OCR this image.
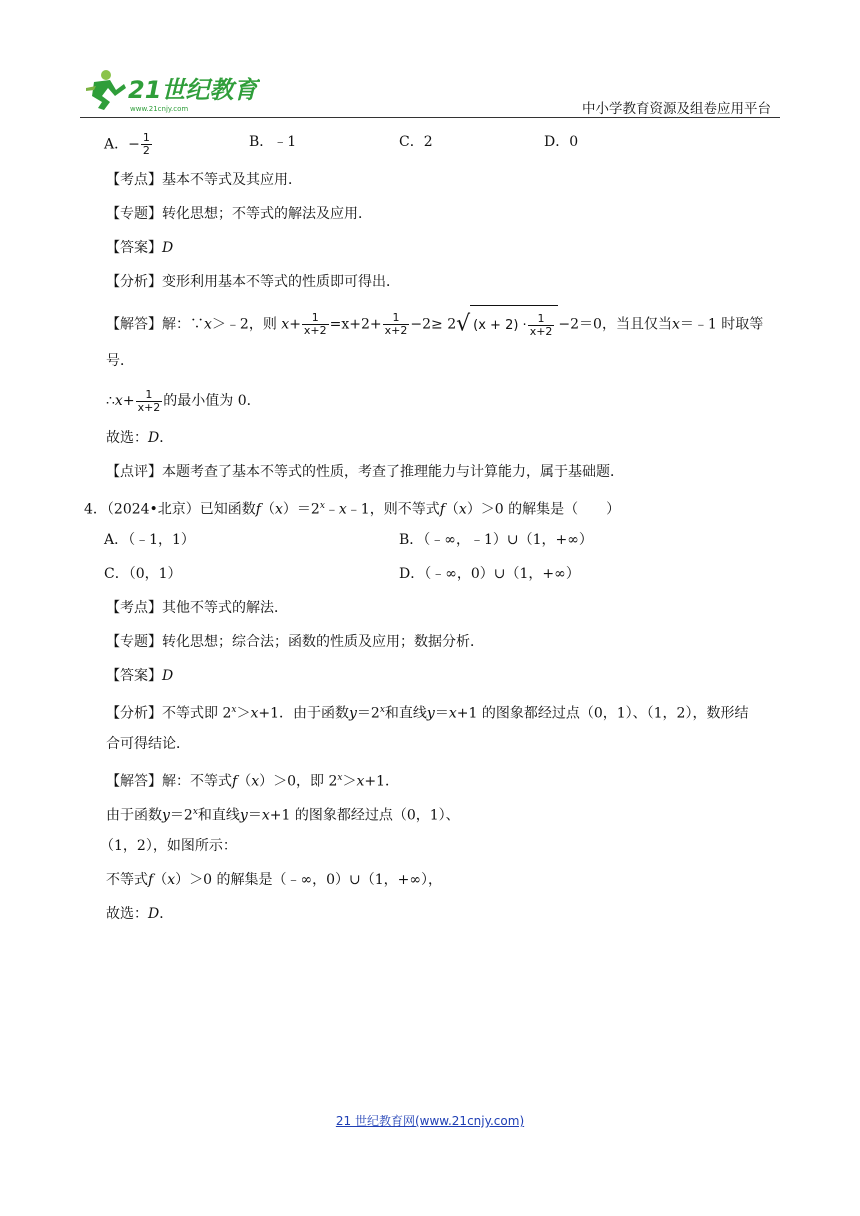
21世纪教育
www.21cnjy.com	中小学教育资源及组卷应用平台
A．− $\frac{1}{2}$	B．﹣1	C．2	D．0
【考点】基本不等式及其应用．
【专题】转化思想；不等式的解法及应用．
【答案】D
【分析】变形利用基本不等式的性质即可得出．
【解答】解：∵x＞﹣2，则 $x+ \frac{1}{x+2} =x+2+ \frac{1}{x+2} -2\ge 2√$ $(x + 2) \cdot \frac{1}{x+2} -2=0$，当且仅当x＝﹣1 时取等
号．
∴x+ $\frac{1}{x+2}$ 的最小值为 0．
故选：D．
【点评】本题考查了基本不等式的性质，考查了推理能力与计算能力，属于基础题．
4．（2024•北京）已知函数$f(x)=2^x﹣x﹣1$，则不等式f（x）＞0 的解集是（　　）
A．（﹣1，1）	B．（﹣∞，﹣1）∪（1，+∞）
C．（0，1）	D．（﹣∞，0）∪（1，+∞）
【考点】其他不等式的解法．
【专题】转化思想；综合法；函数的性质及应用；数据分析．
【答案】D
【分析】不等式即 $2^x>x+1$．由于函数$y=2^x$和直线y＝x+1 的图象都经过点（0，1）、（1，2），数形结
合可得结论．
【解答】解：不等式f（x）＞0，即 $2^x>x+1$．
由于函数$y=2^x$和直线y＝x+1 的图象都经过点（0，1）、
（1，2），如图所示：
不等式f（x）＞0 的解集是（﹣∞，0）∪（1，+∞），
故选：D．
21 世纪教育网(www.21cnjy.com)
